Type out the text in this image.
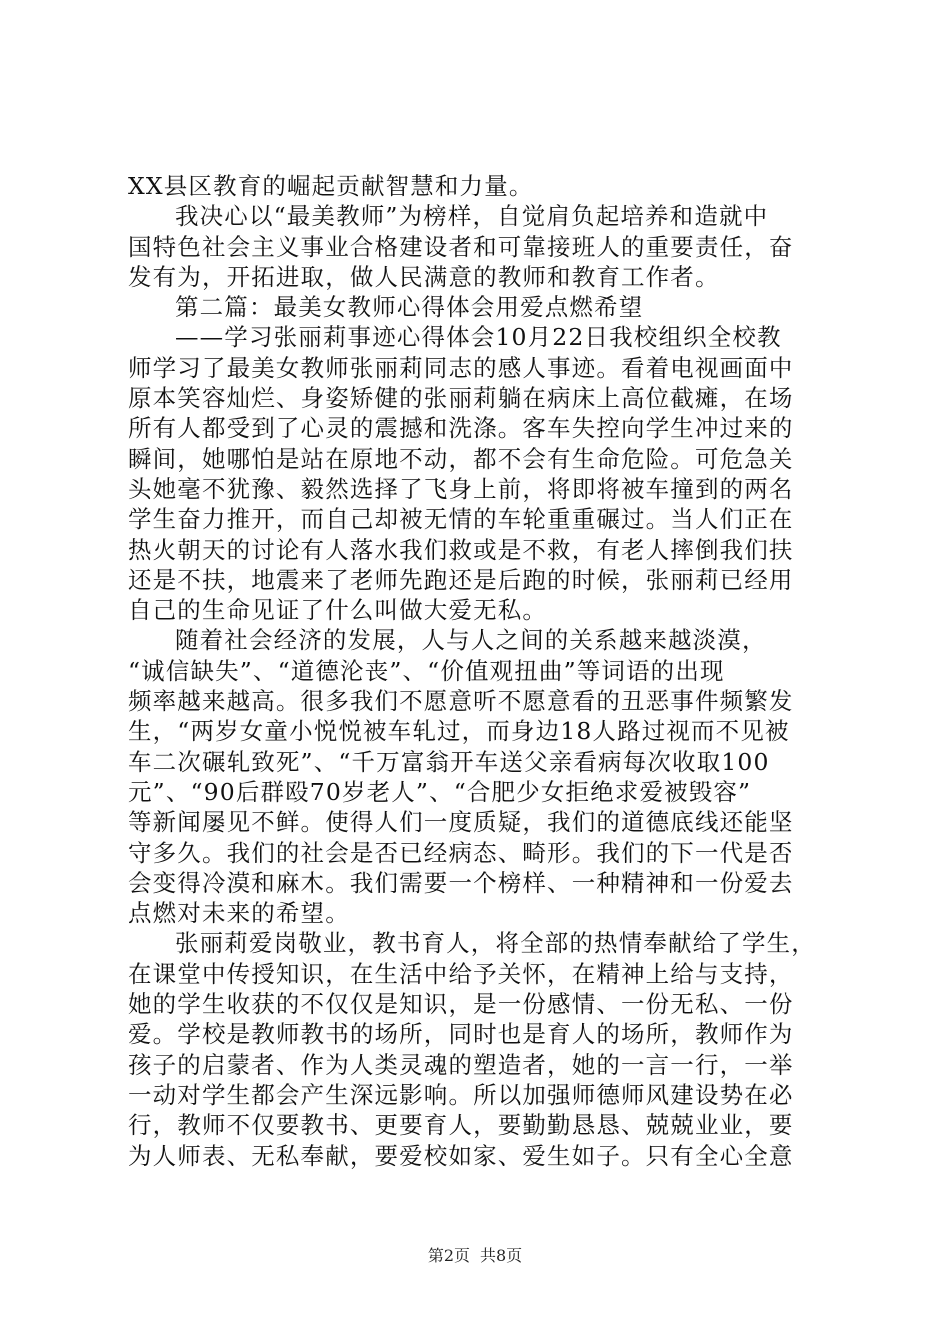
XX县区教育的崛起贡献智慧和力量。
我决心以“最美教师”为榜样，自觉肩负起培养和造就中
国特色社会主义事业合格建设者和可靠接班人的重要责任，奋
发有为，开拓进取，做人民满意的教师和教育工作者。
第二篇：最美女教师心得体会用爱点燃希望
——学习张丽莉事迹心得体会10月22日我校组织全校教
师学习了最美女教师张丽莉同志的感人事迹。看着电视画面中
原本笑容灿烂、身姿矫健的张丽莉躺在病床上高位截瘫，在场
所有人都受到了心灵的震撼和洗涤。客车失控向学生冲过来的
瞬间，她哪怕是站在原地不动，都不会有生命危险。可危急关
头她毫不犹豫、毅然选择了飞身上前，将即将被车撞到的两名
学生奋力推开，而自己却被无情的车轮重重碾过。当人们正在
热火朝天的讨论有人落水我们救或是不救，有老人摔倒我们扶
还是不扶，地震来了老师先跑还是后跑的时候，张丽莉已经用
自己的生命见证了什么叫做大爱无私。
随着社会经济的发展，人与人之间的关系越来越淡漠，
“诚信缺失”、“道德沦丧”、“价值观扭曲”等词语的出现
频率越来越高。很多我们不愿意听不愿意看的丑恶事件频繁发
生，“两岁女童小悦悦被车轧过，而身边18人路过视而不见被
车二次碾轧致死”、“千万富翁开车送父亲看病每次收取100
元”、“90后群殴70岁老人”、“合肥少女拒绝求爱被毁容”
等新闻屡见不鲜。使得人们一度质疑，我们的道德底线还能坚
守多久。我们的社会是否已经病态、畸形。我们的下一代是否
会变得冷漠和麻木。我们需要一个榜样、一种精神和一份爱去
点燃对未来的希望。
张丽莉爱岗敬业，教书育人，将全部的热情奉献给了学生，
在课堂中传授知识，在生活中给予关怀，在精神上给与支持，
她的学生收获的不仅仅是知识，是一份感情、一份无私、一份
爱。学校是教师教书的场所，同时也是育人的场所，教师作为
孩子的启蒙者、作为人类灵魂的塑造者，她的一言一行，一举
一动对学生都会产生深远影响。所以加强师德师风建设势在必
行，教师不仅要教书、更要育人，要勤勤恳恳、兢兢业业，要
为人师表、无私奉献，要爱校如家、爱生如子。只有全心全意
第2页 共8页
